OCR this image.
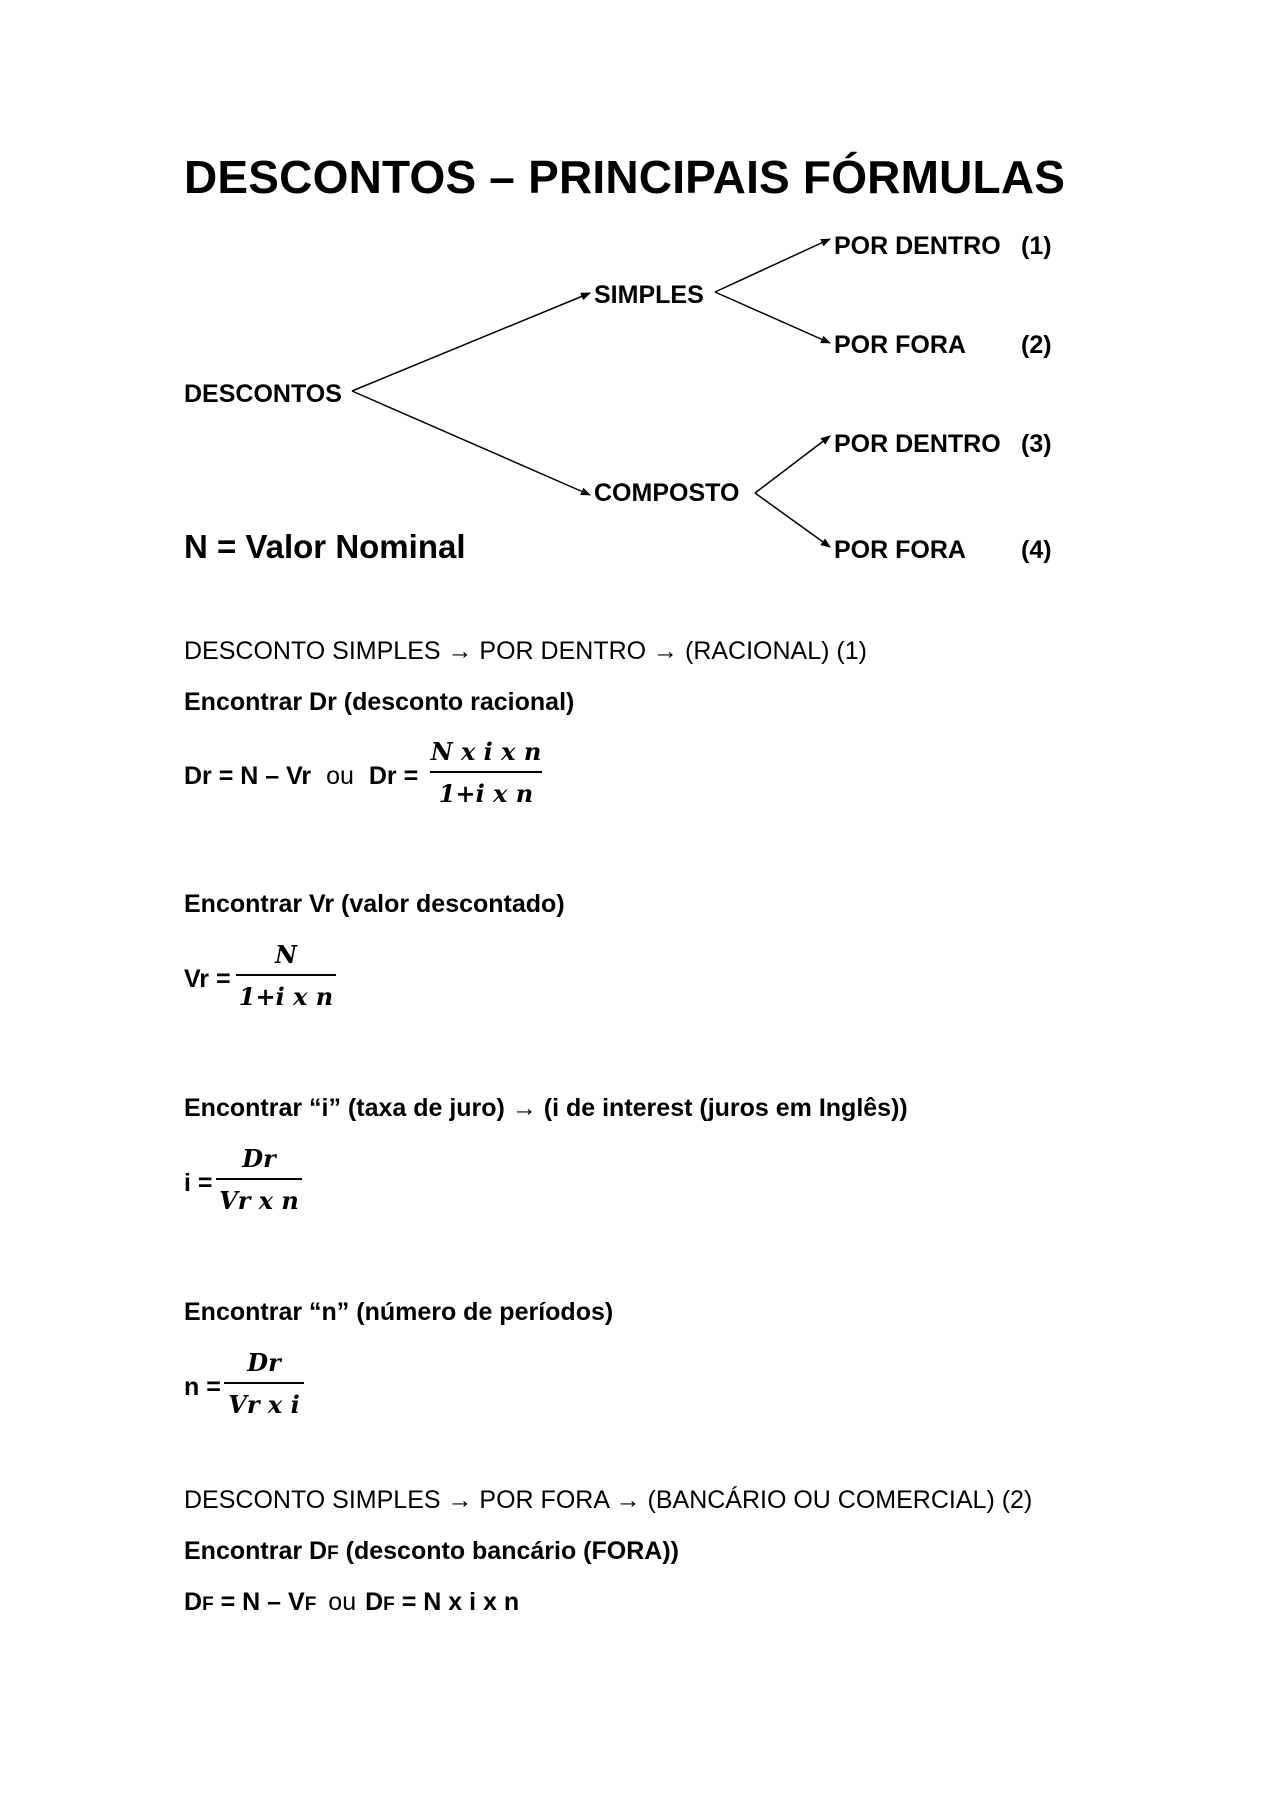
DESCONTOS – PRINCIPAIS FÓRMULAS
DESCONTOS
SIMPLES
COMPOSTO
POR DENTRO (1)
POR FORA (2)
POR DENTRO (3)
POR FORA (4)
N = Valor Nominal
DESCONTO SIMPLES → POR DENTRO → (RACIONAL) (1)
Encontrar Dr (desconto racional)
Dr = N – Vr ou Dr =
N x i x n
1+i x n
Encontrar Vr (valor descontado)
Vr =
N
1+i x n
Encontrar “i” (taxa de juro) → (i de interest (juros em Inglês))
i =
Dr
Vr x n
Encontrar “n” (número de períodos)
n =
Dr
Vr x i
DESCONTO SIMPLES → POR FORA → (BANCÁRIO OU COMERCIAL) (2)
Encontrar DF (desconto bancário (FORA))
DF = N – VF ou DF = N x i x n
